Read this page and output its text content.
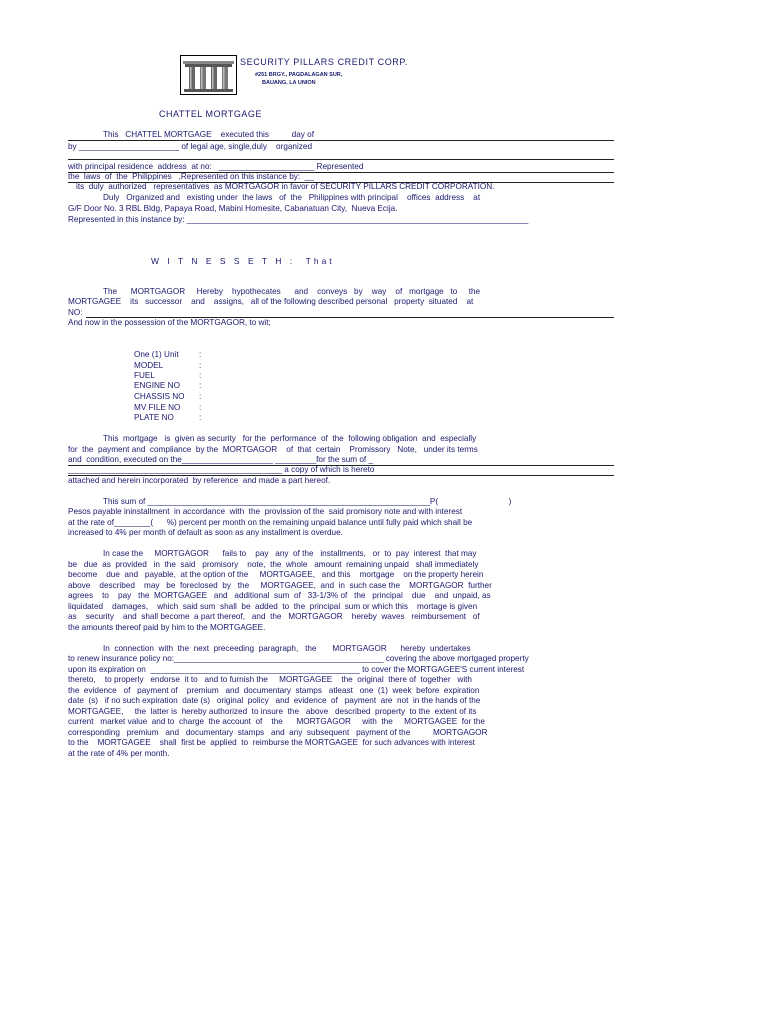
SECURITY PILLARS CREDIT CORP.
#251 BRGY., PAGDALAGAN SUR,
BAUANG, LA UNION
CHATTEL MORTGAGE
This   CHATTEL MORTGAGE    executed this          day of
by ______________________ of legal age, single,duly    organized
with principal residence  address  at no:   _____________________ Represented
the  laws  of  the  Philippines   ,Represented on this instance by:  __
its  duly  authorized   representatives  as MORTGAGOR in favor of SECURITY PILLARS CREDIT CORPORATION.
Duly   Organized and   existing under  the laws   of  the   Philippines with principal    offices  address    at
G/F Door No. 3 RBL Bldg, Papaya Road, Mabini Homesite, Cabanatuan City,  Nueva Ecija.
Represented in this instance by: ___________________________________________________________________________
W I T N E S S E T H :  That
The      MORTGAGOR     Hereby    hypothecates      and    conveys   by    way    of   mortgage   to     the
MORTGAGEE    its   successor    and    assigns,   all of the following described personal   property  situated    at
NO:
And now in the possession of the MORTGAGOR, to wit;
One (1) Unit :
MODEL	:
FUEL	:
ENGINE NO :
CHASSIS NO :
MV FILE NO :
PLATE NO	:
This  mortgage   is  given as security   for the  performance  of  the  following obligation  and  especially
for  the  payment and  compliance  by the  MORTGAGOR    of  that  certain    Promissory   Note,   under its terms
and  condition, executed on the____________________ _________for the sum of _
_______________________________________________ a copy of which is hereto
attached and herein incorporated  by reference  and made a part hereof.
This sum of ______________________________________________________________P(                               )
Pesos payable ininstallment  in accordance  with  the  provission of the  said promisory note and with interest
at the rate of________(      %) percent per month on the remaining unpaid balance until fully paid which shall be
increased to 4% per month of default as soon as any installment is overdue.
In case the     MORTGAGOR      fails to    pay   any  of the   installments,   or  to  pay  interest  that may
be   due  as  provided   in  the  said   promisory    note,  the  whole   amount  remaining unpaid   shall immediately
become    due  and   payable,  at the option of the     MORTGAGEE,   and this    mortgage    on the property herein
above    described    may   be  foreclosed  by   the     MORTGAGEE,  and  in  such case the    MORTGAGOR  further
agrees    to    pay   the  MORTGAGEE   and   additional  sum  of   33-1/3% of   the   principal    due    and  unpaid, as
liquidated    damages,    which  said sum  shall  be  added  to  the  principal  sum or which this    mortage is given
as    security    and  shall become  a part thereof,   and  the   MORTGAGOR    hereby  waves   reimbursement   of
the amounts thereof paid by him to the MORTGAGEE.
In  connection  with  the  next  preceeding  paragraph,   the       MORTGAGOR      hereby  undertakes
to renew insurance policy no:______________________________________________ covering the above mortgaged property
upon its expiration on  ______________________________________________ to cover the MORTGAGEE'S current interest
thereto,    to properly   endorse  it to   and to furnish the     MORTGAGEE    the  original  there of  together   with
the  evidence   of   payment of    premium   and  documentary  stamps   atleast   one  (1)  week  before  expiration
date  (s)   if no such expiration  date (s)   original  policy   and  evidence  of   payment  are  not  in the hands of the
MORTGAGEE,     the  latter is  hereby authorized  to insure  the   above   described  property  to the  extent of its
current   market value  and to  charge  the account  of    the      MORTGAGOR     with  the     MORTGAGEE  for the
corresponding   premium   and   documentary  stamps   and  any  subsequent   payment of the          MORTGAGOR
to the    MORTGAGEE    shall  first be  applied  to  reimburse the MORTGAGEE  for such advances with interest
at the rate of 4% per month.
